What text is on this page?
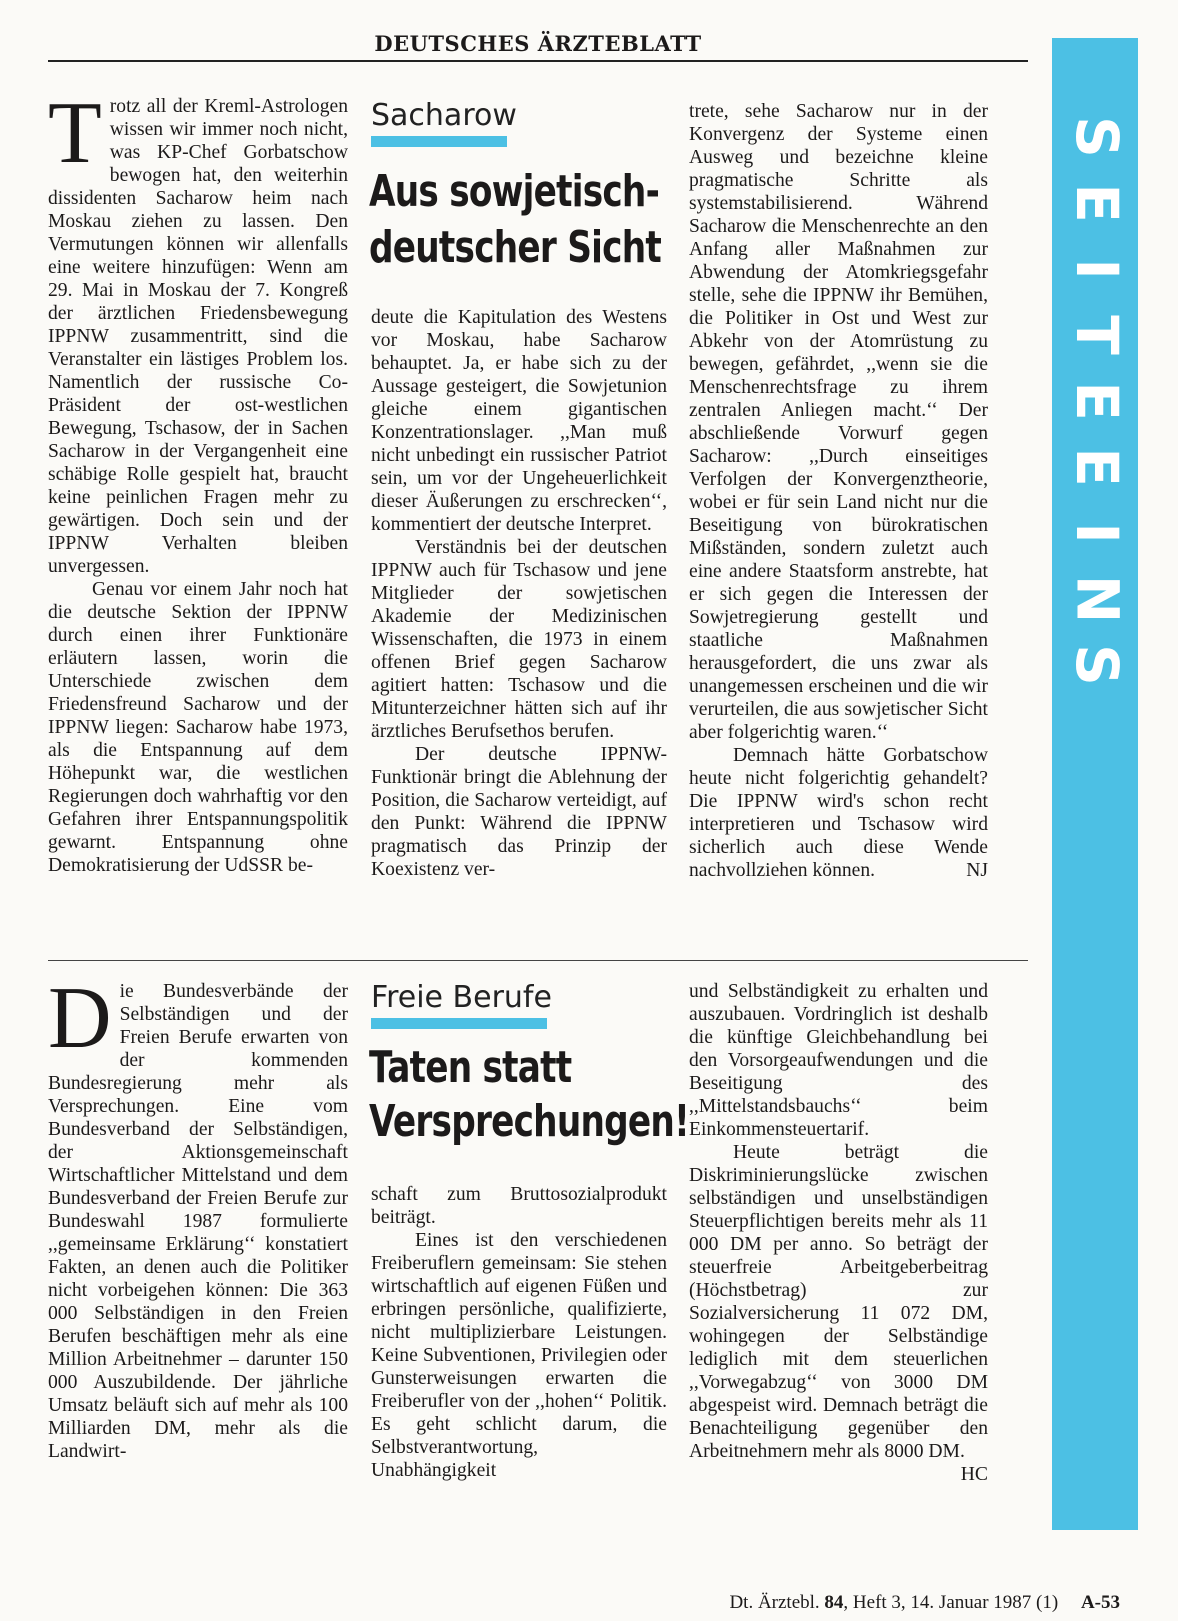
DEUTSCHES ÄRZTEBLATT
S
E
I
T
E
E
I
N
S

Trotz all der Kreml-Astrologen wissen wir immer noch nicht, was KP-Chef Gorbatschow bewogen hat, den weiterhin dissidenten Sacharow heim nach Moskau ziehen zu lassen. Den Vermutungen können wir allenfalls eine weitere hinzufügen: Wenn am 29. Mai in Moskau der 7. Kongreß der ärztlichen Friedensbewegung IPPNW zusammentritt, sind die Veranstalter ein lästiges Problem los. Namentlich der russische Co-Präsident der ost-westlichen Bewegung, Tschasow, der in Sachen Sacharow in der Vergangenheit eine schäbige Rolle gespielt hat, braucht keine peinlichen Fragen mehr zu gewärtigen. Doch sein und der IPPNW Verhalten bleiben unvergessen.

Genau vor einem Jahr noch hat die deutsche Sektion der IPPNW durch einen ihrer Funktionäre erläutern lassen, worin die Unterschiede zwischen dem Friedensfreund Sacharow und der IPPNW liegen: Sacharow habe 1973, als die Entspannung auf dem Höhepunkt war, die westlichen Regierungen doch wahrhaftig vor den Gefahren ihrer Entspannungspolitik gewarnt. Entspannung ohne Demokratisierung der UdSSR be-

Sacharow
Aus sowjetisch-
deutscher Sicht

deute die Kapitulation des Westens vor Moskau, habe Sacharow behauptet. Ja, er habe sich zu der Aussage gesteigert, die Sowjetunion gleiche einem gigantischen Konzentrationslager. ,,Man muß nicht unbedingt ein russischer Patriot sein, um vor der Ungeheuerlichkeit dieser Äußerungen zu erschrecken‘‘, kommentiert der deutsche Interpret.

Verständnis bei der deutschen IPPNW auch für Tschasow und jene Mitglieder der sowjetischen Akademie der Medizinischen Wissenschaften, die 1973 in einem offenen Brief gegen Sacharow agitiert hatten: Tschasow und die Mitunterzeichner hätten sich auf ihr ärztliches Berufsethos berufen.

Der deutsche IPPNW-Funktionär bringt die Ablehnung der Position, die Sacharow verteidigt, auf den Punkt: Während die IPPNW pragmatisch das Prinzip der Koexistenz ver-

trete, sehe Sacharow nur in der Konvergenz der Systeme einen Ausweg und bezeichne kleine pragmatische Schritte als systemstabilisierend. Während Sacharow die Menschenrechte an den Anfang aller Maßnahmen zur Abwendung der Atomkriegsgefahr stelle, sehe die IPPNW ihr Bemühen, die Politiker in Ost und West zur Abkehr von der Atomrüstung zu bewegen, gefährdet, ,,wenn sie die Menschenrechtsfrage zu ihrem zentralen Anliegen macht.‘‘ Der abschließende Vorwurf gegen Sacharow: ,,Durch einseitiges Verfolgen der Konvergenztheorie, wobei er für sein Land nicht nur die Beseitigung von bürokratischen Mißständen, sondern zuletzt auch eine andere Staatsform anstrebte, hat er sich gegen die Interessen der Sowjetregierung gestellt und staatliche Maßnahmen herausgefordert, die uns zwar als unangemessen erscheinen und die wir verurteilen, die aus sowjetischer Sicht aber folgerichtig waren.‘‘

Demnach hätte Gorbatschow heute nicht folgerichtig gehandelt? Die IPPNW wird's schon recht interpretieren und Tschasow wird sicherlich auch diese Wende nachvollziehen können.	NJ

Die Bundesverbände der Selbständigen und der Freien Berufe erwarten von der kommenden Bundesregierung mehr als Versprechungen. Eine vom Bundesverband der Selbständigen, der Aktionsgemeinschaft Wirtschaftlicher Mittelstand und dem Bundesverband der Freien Berufe zur Bundeswahl 1987 formulierte ,,gemeinsame Erklärung‘‘ konstatiert Fakten, an denen auch die Politiker nicht vorbeigehen können: Die 363 000 Selbständigen in den Freien Berufen beschäftigen mehr als eine Million Arbeitnehmer – darunter 150 000 Auszubildende. Der jährliche Umsatz beläuft sich auf mehr als 100 Milliarden DM, mehr als die Landwirt-

Freie Berufe
Taten statt
Versprechungen!

schaft zum Bruttosozialprodukt beiträgt.

Eines ist den verschiedenen Freiberuflern gemeinsam: Sie stehen wirtschaftlich auf eigenen Füßen und erbringen persönliche, qualifizierte, nicht multiplizierbare Leistungen. Keine Subventionen, Privilegien oder Gunsterweisungen erwarten die Freiberufler von der ,,hohen‘‘ Politik. Es geht schlicht darum, die Selbstverantwortung, Unabhängigkeit

und Selbständigkeit zu erhalten und auszubauen. Vordringlich ist deshalb die künftige Gleichbehandlung bei den Vorsorgeaufwendungen und die Beseitigung des ,,Mittelstandsbauchs‘‘ beim Einkommensteuertarif.

Heute beträgt die Diskriminierungslücke zwischen selbständigen und unselbständigen Steuerpflichtigen bereits mehr als 11 000 DM per anno. So beträgt der steuerfreie Arbeitgeberbeitrag (Höchstbetrag) zur Sozialversicherung 11 072 DM, wohingegen der Selbständige lediglich mit dem steuerlichen ,,Vorwegabzug‘‘ von 3000 DM abgespeist wird. Demnach beträgt die Benachteiligung gegenüber den Arbeitnehmern mehr als 8000 DM.
HC

Dt. Ärztebl. 84, Heft 3, 14. Januar 1987 (1) A-53
